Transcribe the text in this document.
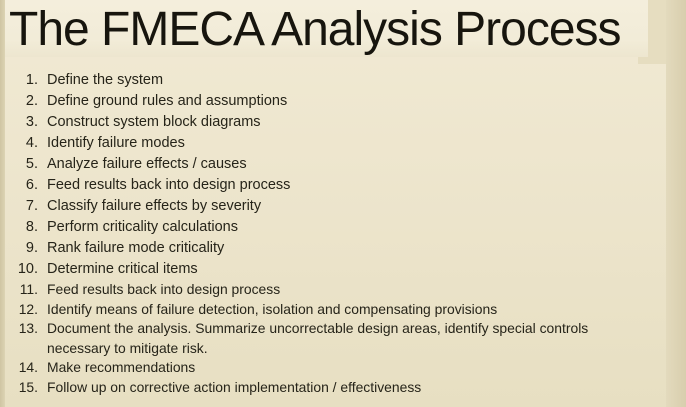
The FMECA Analysis Process
1. Define the system
2. Define ground rules and assumptions
3. Construct system block diagrams
4. Identify failure modes
5. Analyze failure effects / causes
6. Feed results back into design process
7. Classify failure effects by severity
8. Perform criticality calculations
9. Rank failure mode criticality
10. Determine critical items
11. Feed results back into design process
12. Identify means of failure detection, isolation and compensating provisions
13. Document the analysis. Summarize uncorrectable design areas, identify special controls necessary to mitigate risk.
14. Make recommendations
15. Follow up on corrective action implementation / effectiveness
